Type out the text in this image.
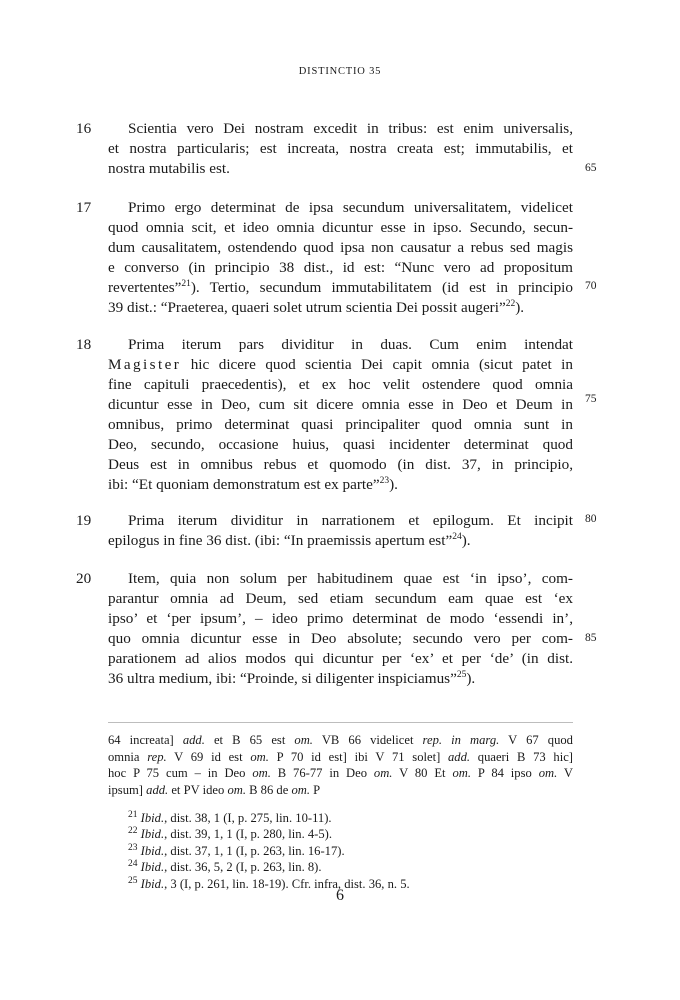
DISTINCTIO 35
16	Scientia vero Dei nostram excedit in tribus: est enim universalis,
et nostra particularis; est increata, nostra creata est; immutabilis, et
nostra mutabilis est.	65
17	Primo ergo determinat de ipsa secundum universalitatem, videlicet
quod omnia scit, et ideo omnia dicuntur esse in ipso. Secundo, secun-
dum causalitatem, ostendendo quod ipsa non causatur a rebus sed magis
e converso (in principio 38 dist., id est: “Nunc vero ad propositum
revertentes”$^{21}$). Tertio, secundum immutabilitatem (id est in principio
39 dist.: “Praeterea, quaeri solet utrum scientia Dei possit augeri”$^{22}$).
70
18	Prima iterum pars dividitur in duas. Cum enim intendat
Magister hic dicere quod scientia Dei capit omnia (sicut patet in
fine capituli praecedentis), et ex hoc velit ostendere quod omnia
dicuntur esse in Deo, cum sit dicere omnia esse in Deo et Deum in
omnibus, primo determinat quasi principaliter quod omnia sunt in
Deo, secundo, occasione huius, quasi incidenter determinat quod
Deus est in omnibus rebus et quomodo (in dist. 37, in principio,
ibi: “Et quoniam demonstratum est ex parte”$^{23}$).
75
19	Prima iterum dividitur in narrationem et epilogum. Et incipit
epilogus in fine 36 dist. (ibi: “In praemissis apertum est”$^{24}$).
80
20	Item, quia non solum per habitudinem quae est ‘in ipso’, com-
parantur omnia ad Deum, sed etiam secundum eam quae est ‘ex
ipso’ et ‘per ipsum’, – ideo primo determinat de modo ‘essendi in’,
quo omnia dicuntur esse in Deo absolute; secundo vero per com-
parationem ad alios modos qui dicuntur per ‘ex’ et per ‘de’ (in dist.
36 ultra medium, ibi: “Proinde, si diligenter inspiciamus”$^{25}$).
85
64 increata] add. et B 65 est om. VB 66 videlicet rep. in marg. V 67 quod
omnia rep. V 69 id est om. P 70 id est] ibi V 71 solet] add. quaeri B 73 hic]
hoc P 75 cum – in Deo om. B 76-77 in Deo om. V 80 Et om. P 84 ipso om. V
ipsum] add. et PV ideo om. B 86 de om. P
$^{21}$ Ibid., dist. 38, 1 (I, p. 275, lin. 10-11).
$^{22}$ Ibid., dist. 39, 1, 1 (I, p. 280, lin. 4-5).
$^{23}$ Ibid., dist. 37, 1, 1 (I, p. 263, lin. 16-17).
$^{24}$ Ibid., dist. 36, 5, 2 (I, p. 263, lin. 8).
$^{25}$ Ibid., 3 (I, p. 261, lin. 18-19). Cfr. infra, dist. 36, n. 5.
6
